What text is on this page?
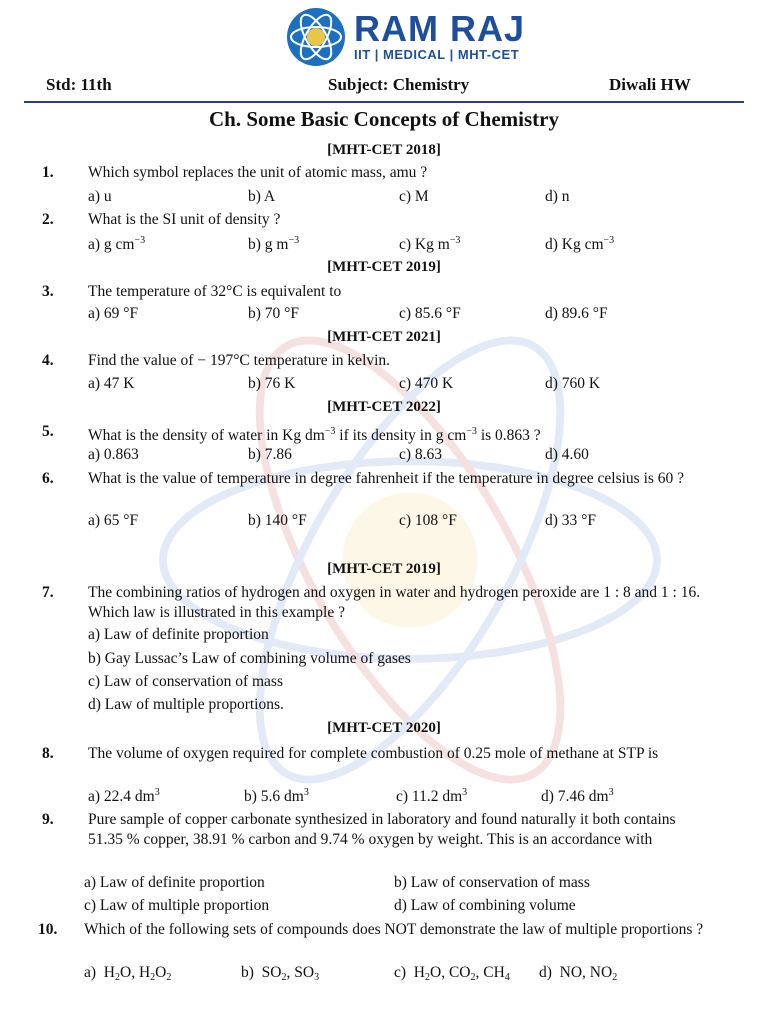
RAM RAJ
IIT | MEDICAL | MHT-CET
Std: 11th	Subject: Chemistry	Diwali HW
Ch. Some Basic Concepts of Chemistry
[MHT-CET 2018]
1. Which symbol replaces the unit of atomic mass, amu ?
a) u	b) A	c) M	d) n
2. What is the SI unit of density ?
a) g $cm^{-3}$	b) g $m^{-3}$	c) Kg $m^{-3}$	d) Kg $cm^{-3}$
[MHT-CET 2019]
3. The temperature of 32°C is equivalent to
a) 69 °F	b) 70 °F	c) 85.6 °F	d) 89.6 °F
[MHT-CET 2021]
4. Find the value of − 197°C temperature in kelvin.
a) 47 K	b) 76 K	c) 470 K	d) 760 K
[MHT-CET 2022]
5. What is the density of water in Kg $dm^{-3}$ if its density in g $cm^{-3}$ is 0.863 ?
a) 0.863	b) 7.86	c) 8.63	d) 4.60
6. What is the value of temperature in degree fahrenheit if the temperature in degree celsius is 60 ?
a) 65 °F	b) 140 °F	c) 108 °F	d) 33 °F
[MHT-CET 2019]
7. The combining ratios of hydrogen and oxygen in water and hydrogen peroxide are 1 : 8 and 1 : 16. Which law is illustrated in this example ?
a) Law of definite proportion
b) Gay Lussac’s Law of combining volume of gases
c) Law of conservation of mass
d) Law of multiple proportions.
[MHT-CET 2020]
8. The volume of oxygen required for complete combustion of 0.25 mole of methane at STP is
a) 22.4 $dm^3$	b) 5.6 $dm^3$	c) 11.2 $dm^3$	d) 7.46 $dm^3$
9. Pure sample of copper carbonate synthesized in laboratory and found naturally it both contains 51.35 % copper, 38.91 % carbon and 9.74 % oxygen by weight. This is an accordance with
a) Law of definite proportion	b) Law of conservation of mass
c) Law of multiple proportion	d) Law of combining volume
10. Which of the following sets of compounds does NOT demonstrate the law of multiple proportions ?
a)  $H_2O$, $H_2O_2$	b)  $SO_2$, $SO_3$	c)  $H_2O$, $CO_2$, $CH_4$ d)  NO, $NO_2$
